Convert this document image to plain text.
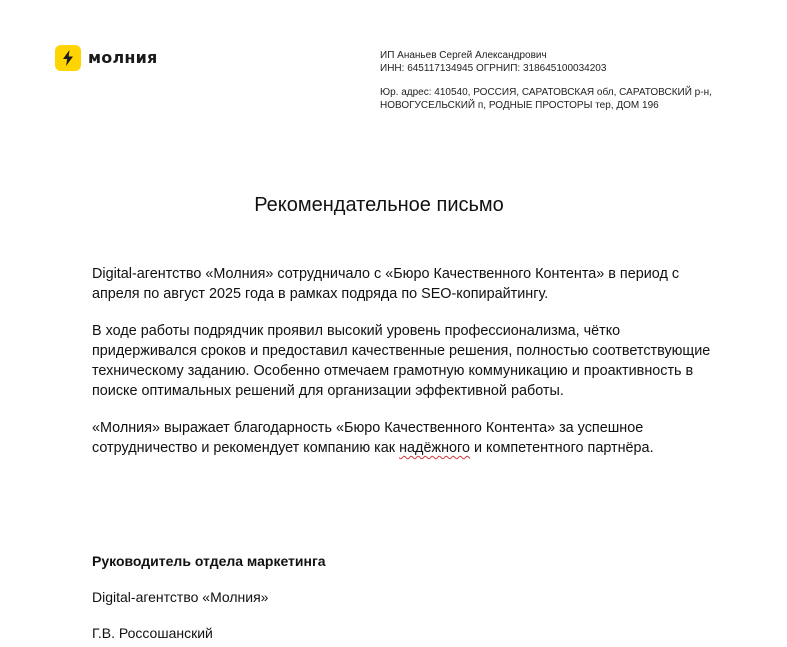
молния	ИП Ананьев Сергей Александрович
ИНН: 645117134945 ОГРНИП: 318645100034203
Юр. адрес: 410540, РОССИЯ, САРАТОВСКАЯ обл, САРАТОВСКИЙ р-н,
НОВОГУСЕЛЬСКИЙ п, РОДНЫЕ ПРОСТОРЫ тер, ДОМ 196
Рекомендательное письмо

Digital-агентство «Молния» сотрудничало с «Бюро Качественного Контента» в период с апреля по август 2025 года в рамках подряда по SEO-копирайтингу.

В ходе работы подрядчик проявил высокий уровень профессионализма, чётко придерживался сроков и предоставил качественные решения, полностью соответствующие техническому заданию. Особенно отмечаем грамотную коммуникацию и проактивность в поиске оптимальных решений для организации эффективной работы.

«Молния» выражает благодарность «Бюро Качественного Контента» за успешное сотрудничество и рекомендует компанию как надёжного и компетентного партнёра.

Руководитель отдела маркетинга
Digital-агентство «Молния»
Г.В. Россошанский
